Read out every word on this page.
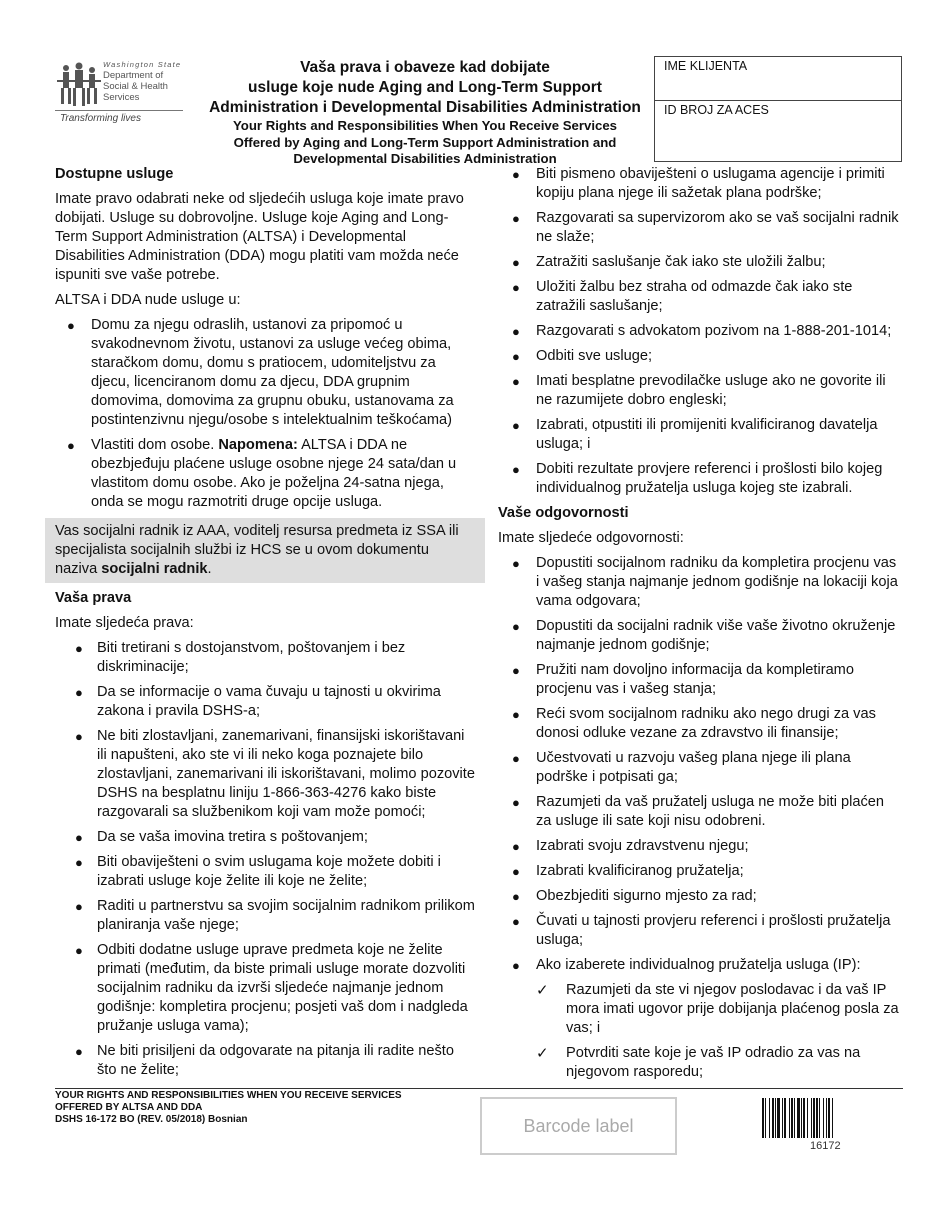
Washington State
Department of Social & Health Services
Transforming lives
Vaša prava i obaveze kad dobijate
usluge koje nude Aging and Long-Term Support
Administration i Developmental Disabilities Administration
Your Rights and Responsibilities When You Receive Services
Offered by Aging and Long-Term Support Administration and
Developmental Disabilities Administration
IME KLIJENTA
ID BROJ ZA ACES
Dostupne usluge

Imate pravo odabrati neke od sljedećih usluga koje imate pravo dobijati. Usluge su dobrovoljne. Usluge koje Aging and Long-Term Support Administration (ALTSA) i Developmental Disabilities Administration (DDA) mogu platiti vam možda neće ispuniti sve vaše potrebe.

ALTSA i DDA nude usluge u:

● Domu za njegu odraslih, ustanovi za pripomoć u svakodnevnom životu, ustanovi za usluge većeg obima, staračkom domu, domu s pratiocem, udomiteljstvu za djecu, licenciranom domu za djecu, DDA grupnim domovima, domovima za grupnu obuku, ustanovama za postintenzivnu njegu/osobe s intelektualnim teškoćama)
● Vlastiti dom osobe. Napomena: ALTSA i DDA ne obezbjeđuju plaćene usluge osobne njege 24 sata/dan u vlastitom domu osobe. Ako je poželjna 24-satna njega, onda se mogu razmotriti druge opcije usluga.
Vas socijalni radnik iz AAA, voditelj resursa predmeta iz SSA ili specijalista socijalnih službi iz HCS se u ovom dokumentu naziva socijalni radnik.
Vaša prava

Imate sljedeća prava:

● Biti tretirani s dostojanstvom, poštovanjem i bez diskriminacije;
● Da se informacije o vama čuvaju u tajnosti u okvirima zakona i pravila DSHS-a;
● Ne biti zlostavljani, zanemarivani, finansijski iskorištavani ili napušteni, ako ste vi ili neko koga poznajete bilo zlostavljani, zanemarivani ili iskorištavani, molimo pozovite DSHS na besplatnu liniju 1-866-363-4276 kako biste razgovarali sa službenikom koji vam može pomoći;
● Da se vaša imovina tretira s poštovanjem;
● Biti obaviješteni o svim uslugama koje možete dobiti i izabrati usluge koje želite ili koje ne želite;
● Raditi u partnerstvu sa svojim socijalnim radnikom prilikom planiranja vaše njege;
● Odbiti dodatne usluge uprave predmeta koje ne želite primati (međutim, da biste primali usluge morate dozvoliti socijalnim radniku da izvrši sljedeće najmanje jednom godišnje: kompletira procjenu; posjeti vaš dom i nadgleda pružanje usluga vama);
● Ne biti prisiljeni da odgovarate na pitanja ili radite nešto što ne želite;
● Biti pismeno obaviješteni o uslugama agencije i primiti kopiju plana njege ili sažetak plana podrške;
● Razgovarati sa supervizorom ako se vaš socijalni radnik ne slaže;
● Zatražiti saslušanje čak iako ste uložili žalbu;
● Uložiti žalbu bez straha od odmazde čak iako ste zatražili saslušanje;
● Razgovarati s advokatom pozivom na 1-888-201-1014;
● Odbiti sve usluge;
● Imati besplatne prevodilačke usluge ako ne govorite ili ne razumijete dobro engleski;
● Izabrati, otpustiti ili promijeniti kvalificiranog davatelja usluga; i
● Dobiti rezultate provjere referenci i prošlosti bilo kojeg individualnog pružatelja usluga kojeg ste izabrali.
Vaše odgovornosti

Imate sljedeće odgovornosti:

● Dopustiti socijalnom radniku da kompletira procjenu vas i vašeg stanja najmanje jednom godišnje na lokaciji koja vama odgovara;
● Dopustiti da socijalni radnik više vaše životno okruženje najmanje jednom godišnje;
● Pružiti nam dovoljno informacija da kompletiramo procjenu vas i vašeg stanja;
● Reći svom socijalnom radniku ako nego drugi za vas donosi odluke vezane za zdravstvo ili finansije;
● Učestvovati u razvoju vašeg plana njege ili plana podrške i potpisati ga;
● Razumjeti da vaš pružatelj usluga ne može biti plaćen za usluge ili sate koji nisu odobreni.
● Izabrati svoju zdravstvenu njegu;
● Izabrati kvalificiranog pružatelja;
● Obezbjediti sigurno mjesto za rad;
● Čuvati u tajnosti provjeru referenci i prošlosti pružatelja usluga;
● Ako izaberete individualnog pružatelja usluga (IP):
✓ Razumjeti da ste vi njegov poslodavac i da vaš IP mora imati ugovor prije dobijanja plaćenog posla za vas; i
✓ Potvrditi sate koje je vaš IP odradio za vas na njegovom rasporedu;
YOUR RIGHTS AND RESPONSIBILITIES WHEN YOU RECEIVE SERVICES
OFFERED BY ALTSA AND DDA
DSHS 16-172 BO (REV. 05/2018) Bosnian	Barcode label
16172
